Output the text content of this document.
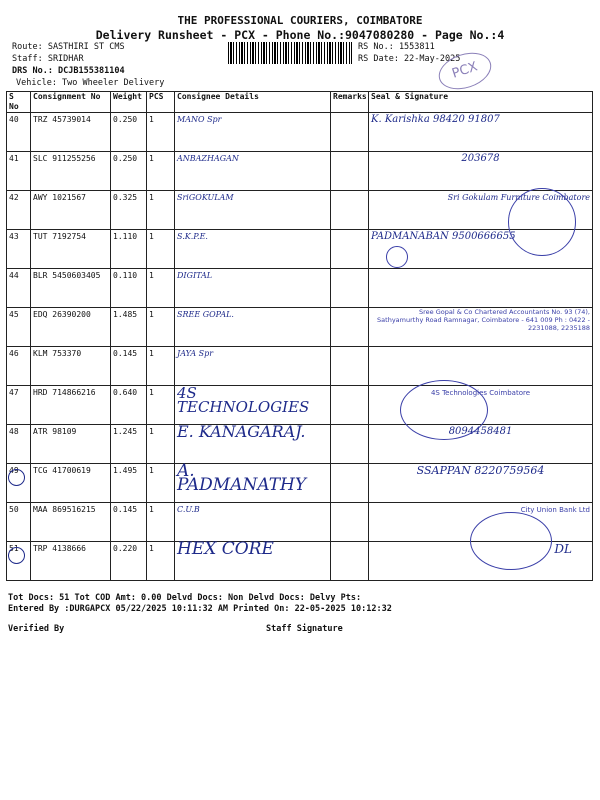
THE PROFESSIONAL COURIERS, COIMBATORE
Delivery Runsheet - PCX - Phone No.:9047080280 - Page No.:4
Route: SASTHIRI ST CMS
Staff: SRIDHAR
DRS No.: DCJB155381104
Vehicle: Two Wheeler Delivery
RS No.: 1553811
RS Date: 22-May-2025
PCX
S No	Consignment No	Weight	PCS	Consignee Details	Remarks	Seal & Signature
40	TRZ 45739014	0.250	1	MANO Spr		K. Karishka 98420 91807
41	SLC 911255256	0.250	1	ANBAZHAGAN		203678
42	AWY 1021567	0.325	1	SriGOKULAM		Sri Gokulam Furniture Coimbatore
43	TUT 7192754	1.110	1	S.K.P.E.		PADMANABAN 9500666655
44	BLR 5450603405	0.110	1	DIGITAL		
45	EDQ 26390200	1.485	1	SREE GOPAL.		Sree Gopal & Co Chartered Accountants No. 93 (74), Sathyamurthy Road Ramnagar, Coimbatore - 641 009 Ph : 0422 - 2231088, 2235188
46	KLM 753370	0.145	1	JAYA Spr		
47	HRD 714866216	0.640	1	4S TECHNOLOGIES		4S Technologies Coimbatore
48	ATR 98109	1.245	1	E. KANAGARAJ.		8094458481
49	TCG 41700619	1.495	1	A. PADMANATHY		SSAPPAN 8220759564
50	MAA 869516215	0.145	1	C.U.B		City Union Bank Ltd
51	TRP 4138666	0.220	1	HEX CORE		DL
Tot Docs: 51 Tot COD Amt: 0.00 Delvd Docs: Non Delvd Docs: Delvy Pts:
Entered By :DURGAPCX 05/22/2025 10:11:32 AM Printed On: 22-05-2025 10:12:32
Verified By	Staff Signature
